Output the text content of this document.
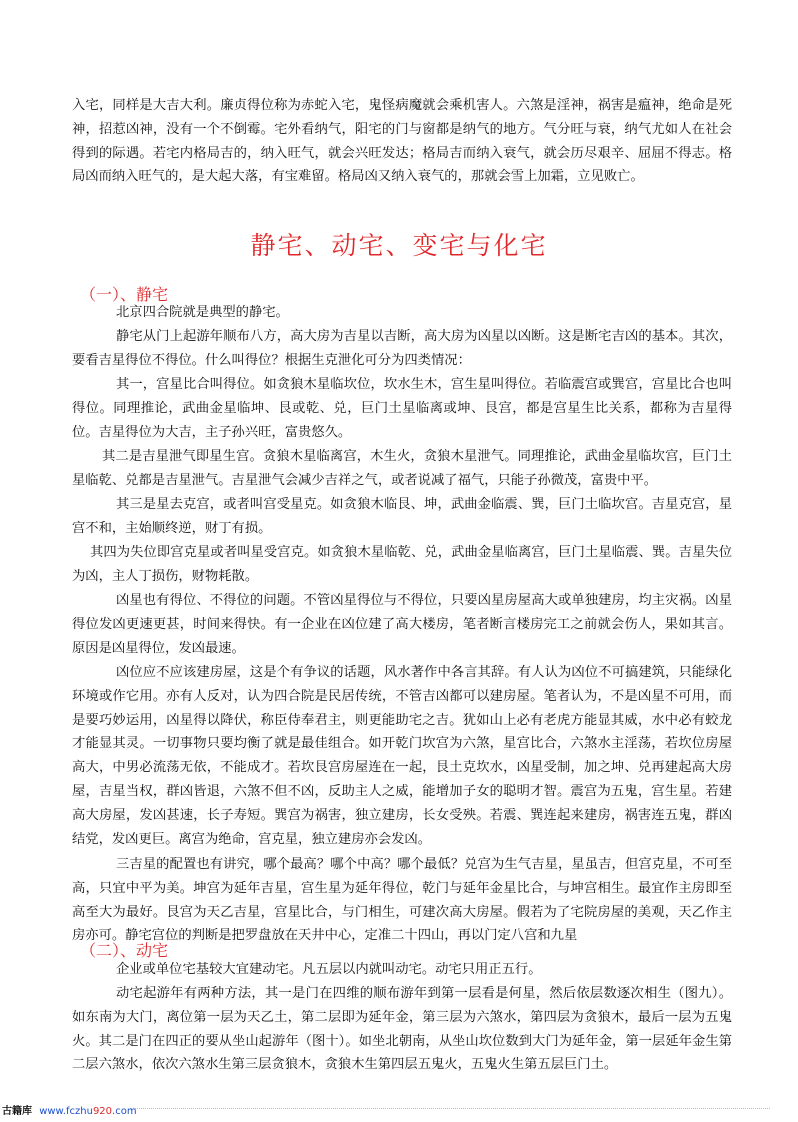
入宅，同样是大吉大利。廉贞得位称为赤蛇入宅，鬼怪病魔就会乘机害人。六煞是淫神，祸害是瘟神，绝命是死神，招惹凶神，没有一个不倒霉。宅外看纳气，阳宅的门与窗都是纳气的地方。气分旺与衰，纳气尤如人在社会得到的际遇。若宅内格局吉的，纳入旺气，就会兴旺发达；格局吉而纳入衰气，就会历尽艰辛、屈屈不得志。格局凶而纳入旺气的，是大起大落，有宝难留。格局凶又纳入衰气的，那就会雪上加霜，立见败亡。

静宅、动宅、变宅与化宅
（一）、静宅

北京四合院就是典型的静宅。

静宅从门上起游年顺布八方，高大房为吉星以吉断，高大房为凶星以凶断。这是断宅吉凶的基本。其次，要看吉星得位不得位。什么叫得位？根据生克泄化可分为四类情况：

其一，宫星比合叫得位。如贪狼木星临坎位，坎水生木，宫生星叫得位。若临震宫或巽宫，宫星比合也叫得位。同理推论，武曲金星临坤、艮或乾、兑，巨门土星临离或坤、艮宫，都是宫星生比关系，都称为吉星得位。吉星得位为大吉，主子孙兴旺，富贵悠久。

其二是吉星泄气即星生宫。贪狼木星临离宫，木生火，贪狼木星泄气。同理推论，武曲金星临坎宫，巨门土星临乾、兑都是吉星泄气。吉星泄气会减少吉祥之气，或者说减了福气，只能子孙微茂，富贵中平。

其三是星去克宫，或者叫宫受星克。如贪狼木临艮、坤，武曲金临震、巽，巨门土临坎宫。吉星克宫，星宫不和，主始顺终逆，财丁有损。

其四为失位即宫克星或者叫星受宫克。如贪狼木星临乾、兑，武曲金星临离宫，巨门土星临震、巽。吉星失位为凶，主人丁损伤，财物耗散。

凶星也有得位、不得位的问题。不管凶星得位与不得位，只要凶星房屋高大或单独建房，均主灾祸。凶星得位发凶更速更甚，时间来得快。有一企业在凶位建了高大楼房，笔者断言楼房完工之前就会伤人，果如其言。原因是凶星得位，发凶最速。

凶位应不应该建房屋，这是个有争议的话题，风水著作中各言其辞。有人认为凶位不可搞建筑，只能绿化环境或作它用。亦有人反对，认为四合院是民居传统，不管吉凶都可以建房屋。笔者认为，不是凶星不可用，而是要巧妙运用，凶星得以降伏，称臣侍奉君主，则更能助宅之吉。犹如山上必有老虎方能显其威，水中必有蛟龙才能显其灵。一切事物只要均衡了就是最佳组合。如开乾门坎宫为六煞，星宫比合，六煞水主淫荡，若坎位房屋高大，中男必流荡无依，不能成才。若坎艮宫房屋连在一起，艮土克坎水，凶星受制，加之坤、兑再建起高大房屋，吉星当权，群凶皆退，六煞不但不凶，反助主人之威，能增加子女的聪明才智。震宫为五鬼，宫生星。若建高大房屋，发凶甚速，长子寿短。巽宫为祸害，独立建房，长女受殃。若震、巽连起来建房，祸害连五鬼，群凶结党，发凶更巨。离宫为绝命，宫克星，独立建房亦会发凶。

三吉星的配置也有讲究，哪个最高？哪个中高？哪个最低？兑宫为生气吉星，星虽吉，但宫克星，不可至高，只宜中平为美。坤宫为延年吉星，宫生星为延年得位，乾门与延年金星比合，与坤宫相生。最宜作主房即至高至大为最好。艮宫为天乙吉星，宫星比合，与门相生，可建次高大房屋。假若为了宅院房屋的美观，天乙作主房亦可。静宅宫位的判断是把罗盘放在天井中心，定准二十四山，再以门定八宫和九星

（二）、动宅

企业或单位宅基较大宜建动宅。凡五层以内就叫动宅。动宅只用正五行。

动宅起游年有两种方法，其一是门在四维的顺布游年到第一层看是何星，然后依层数逐次相生（图九）。如东南为大门，离位第一层为天乙土，第二层即为延年金，第三层为六煞水，第四层为贪狼木，最后一层为五鬼火。其二是门在四正的要从坐山起游年（图十）。如坐北朝南，从坐山坎位数到大门为延年金，第一层延年金生第二层六煞水，依次六煞水生第三层贪狼木，贪狼木生第四层五鬼火，五鬼火生第五层巨门土。

古籍库 www.fczhu920.com
